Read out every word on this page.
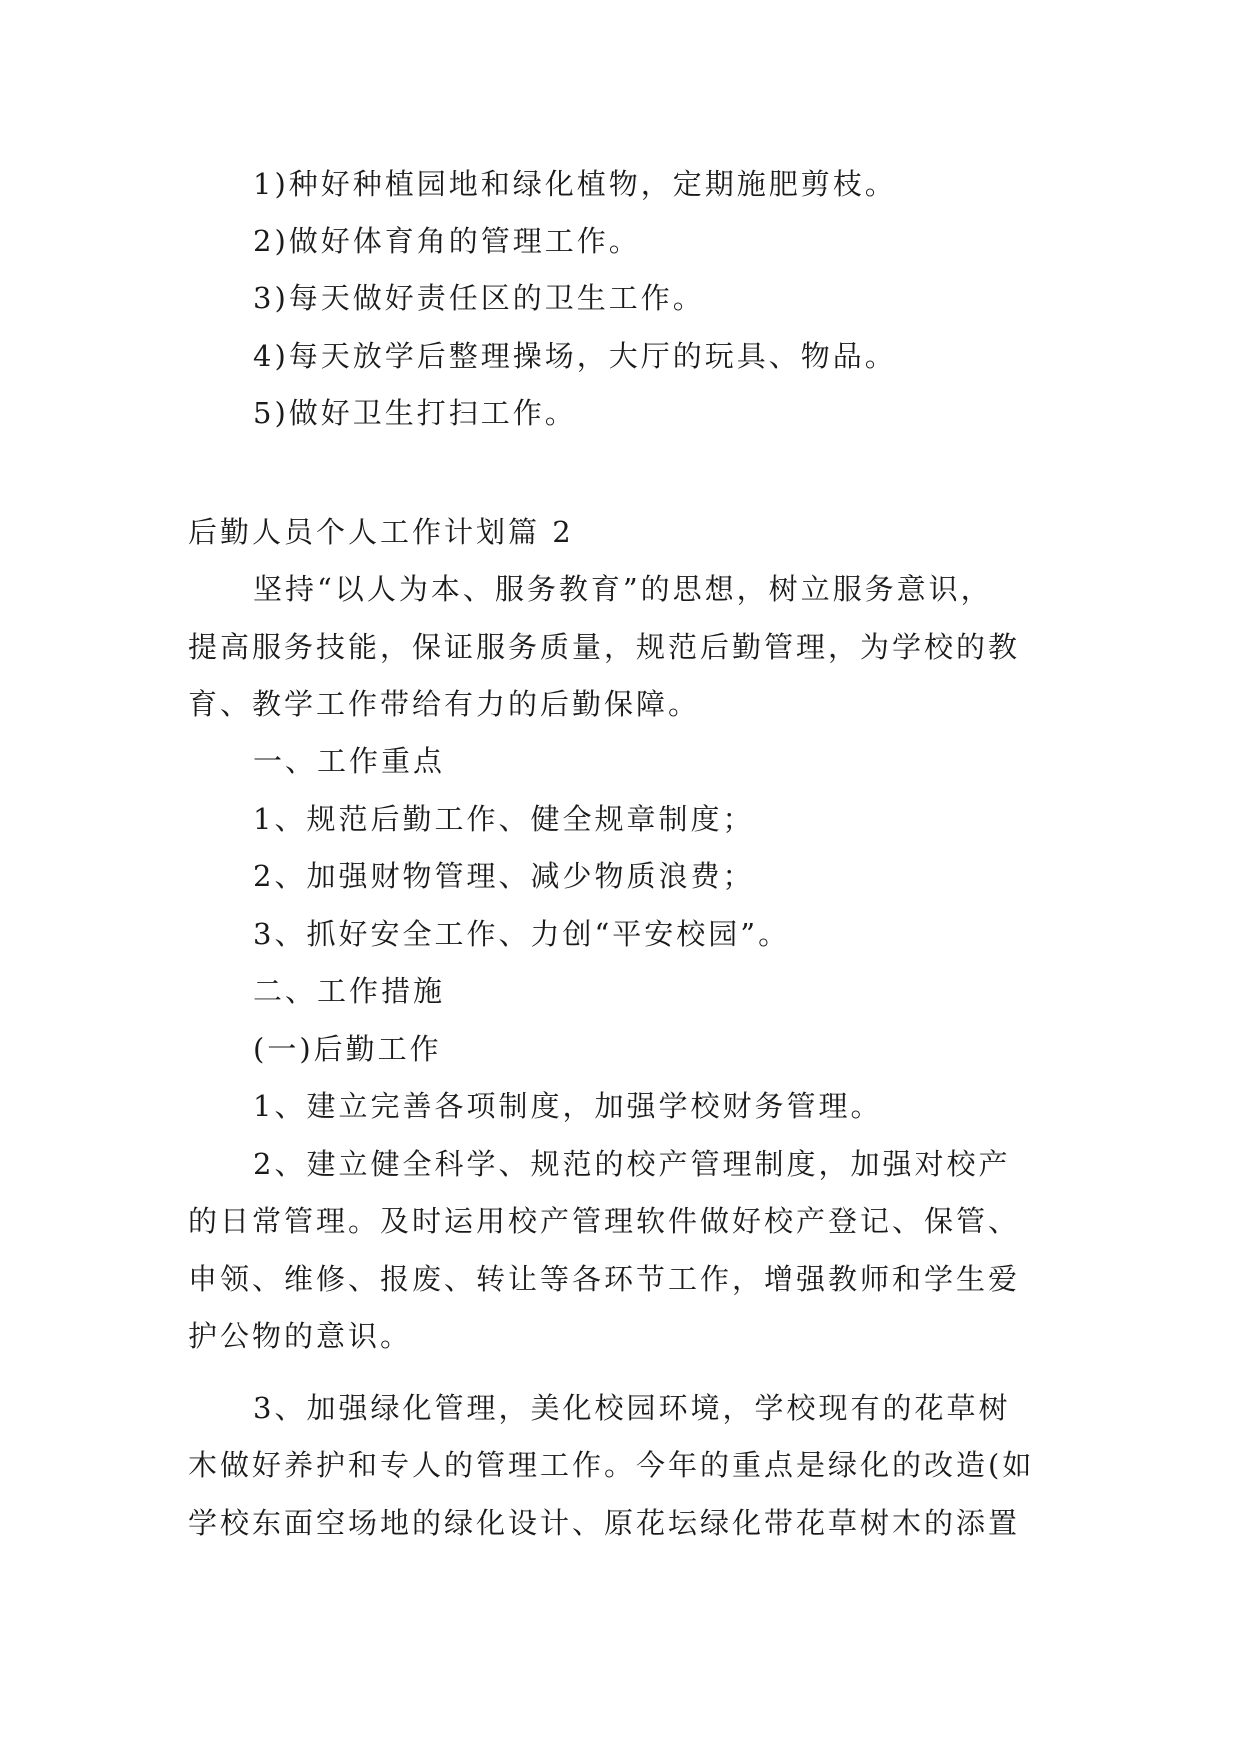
1)种好种植园地和绿化植物，定期施肥剪枝。
2)做好体育角的管理工作。
3)每天做好责任区的卫生工作。
4)每天放学后整理操场，大厅的玩具、物品。
5)做好卫生打扫工作。
后勤人员个人工作计划篇 2
坚持“以人为本、服务教育”的思想，树立服务意识，
提高服务技能，保证服务质量，规范后勤管理，为学校的教
育、教学工作带给有力的后勤保障。
一、工作重点
1、规范后勤工作、健全规章制度；
2、加强财物管理、减少物质浪费；
3、抓好安全工作、力创“平安校园”。
二、工作措施
(一)后勤工作
1、建立完善各项制度，加强学校财务管理。
2、建立健全科学、规范的校产管理制度，加强对校产
的日常管理。及时运用校产管理软件做好校产登记、保管、
申领、维修、报废、转让等各环节工作，增强教师和学生爱
护公物的意识。
3、加强绿化管理，美化校园环境，学校现有的花草树
木做好养护和专人的管理工作。今年的重点是绿化的改造(如
学校东面空场地的绿化设计、原花坛绿化带花草树木的添置
